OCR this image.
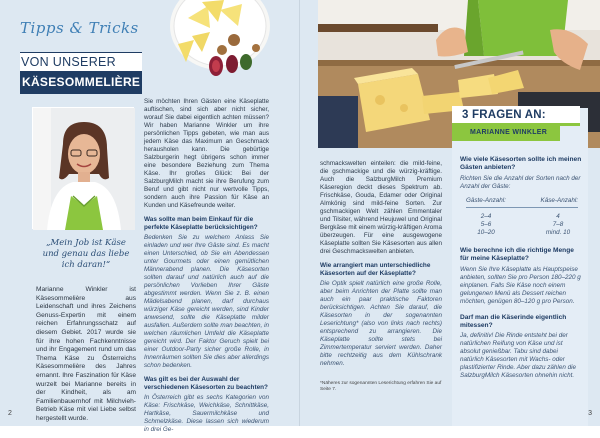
Tipps & Tricks
VON UNSERER
KÄSESOMMELIÈRE
„Mein Job ist Käse und genau das liebe ich daran!“
Marianne Winkler ist Käsesommelière aus Leidenschaft und ihres Zeichens Genuss-Expertin mit einem reichen Erfahrungsschatz auf diesem Gebiet. 2017 wurde sie für ihre hohen Fachkenntnisse und ihr Engagement rund um das Thema Käse zu Österreichs Käsesommelière des Jahres ernannt. Ihre Faszination für Käse wurzelt bei Marianne bereits in der Kindheit, als am Familienbauernhof mit Milchvieh-Betrieb Käse mit viel Liebe selbst hergestellt wurde.

Sie möchten Ihren Gästen eine Käseplatte auftischen, sind sich aber nicht sicher, worauf Sie dabei eigentlich achten müssen? Wir haben Marianne Winkler um ihre persönlichen Tipps gebeten, wie man aus jedem Käse das Maximum an Geschmack herausholen kann. Die gebürtige Salzburgerin hegt übrigens schon immer eine besondere Beziehung zum Thema Käse. Ihr großes Glück: Bei der SalzburgMilch macht sie ihre Berufung zum Beruf und gibt nicht nur wertvolle Tipps, sondern auch ihre Passion für Käse an Kunden und Käsefreunde weiter.

Was sollte man beim Einkauf für die perfekte Käseplatte berücksichtigen?

Bedenken Sie zu welchem Anlass Sie einladen und wer Ihre Gäste sind. Es macht einen Unterschied, ob Sie ein Abendessen unter Gourmets oder einen gemütlichen Männerabend planen. Die Käsesorten sollten darauf und natürlich auch auf die persönlichen Vorlieben Ihrer Gäste abgestimmt werden. Wenn Sie z. B. einen Mädelsabend planen, darf durchaus würziger Käse gereicht werden, sind Kinder anwesend, sollte die Käseplatte milder ausfallen. Außerdem sollte man beachten, in welchen räumlichen Umfeld die Käseplatte gereicht wird. Der Faktor Geruch spielt bei einer Outdoor-Party sicher große Rolle, in Innenräumen sollten Sie dies aber allerdings schon bedenken.

Was gilt es bei der Auswahl der verschiedenen Käsesorten zu beachten?

In Österreich gibt es sechs Kategorien von Käse: Frischkäse, Weichkäse, Schnittkäse, Hartkäse, Sauermilchkäse und Schmelzkäse. Diese lassen sich wiederum in drei Ge-

2

schmackswelten einteilen: die mild-feine, die gschmackige und die würzig-kräftige. Auch die SalzburgMilch Premium Käseregion deckt dieses Spektrum ab. Frischkäse, Gouda, Edamer oder Original Almkönig sind mild-feine Sorten. Zur gschmackigen Welt zählen Emmentaler und Tilsiter, während Heujuwel und Original Bergkäse mit einem würzig-kräftigen Aroma überzeugen. Für eine ausgewogene Käseplatte sollten Sie Käsesorten aus allen drei Geschmackswelten anbieten.

Wie arrangiert man unterschiedliche Käsesorten auf der Käseplatte?

Die Optik spielt natürlich eine große Rolle, aber beim Anrichten der Platte sollte man auch ein paar praktische Faktoren berücksichtigen. Achten Sie darauf, die Käsesorten in der sogenannten Leserichtung* (also von links nach rechts) entsprechend zu arrangieren. Die Käseplatte sollte stets bei Zimmertemperatur serviert werden. Daher bitte rechtzeitig aus dem Kühlschrank nehmen.

*Näheres zur sogenannten Leserichtung erfahren Sie auf Seite 7.
3 FRAGEN AN:
MARIANNE WINKLER
Wie viele Käsesorten sollte ich meinen Gästen anbieten?

Richten Sie die Anzahl der Sorten nach der Anzahl der Gäste:

Gäste-Anzahl:	Käse-Anzahl:
2–4	4
5–6	7–8
10–20	mind. 10
Wie berechne ich die richtige Menge für meine Käseplatte?

Wenn Sie Ihre Käseplatte als Hauptspeise anbieten, sollten Sie pro Person 180–220 g einplanen. Falls Sie Käse noch einem gelungenen Menü als Dessert reichen möchten, genügen 80–120 g pro Person.

Darf man die Käserinde eigentlich mitessen?

Ja, definitiv! Die Rinde entsteht bei der natürlichen Reifung von Käse und ist absolut genießbar. Tabu sind dabei natürlich Käsesorten mit Wachs- oder plastifizierter Rinde. Aber dazu zählen die SalzburgMilch Käsesorten ohnehin nicht.

3
